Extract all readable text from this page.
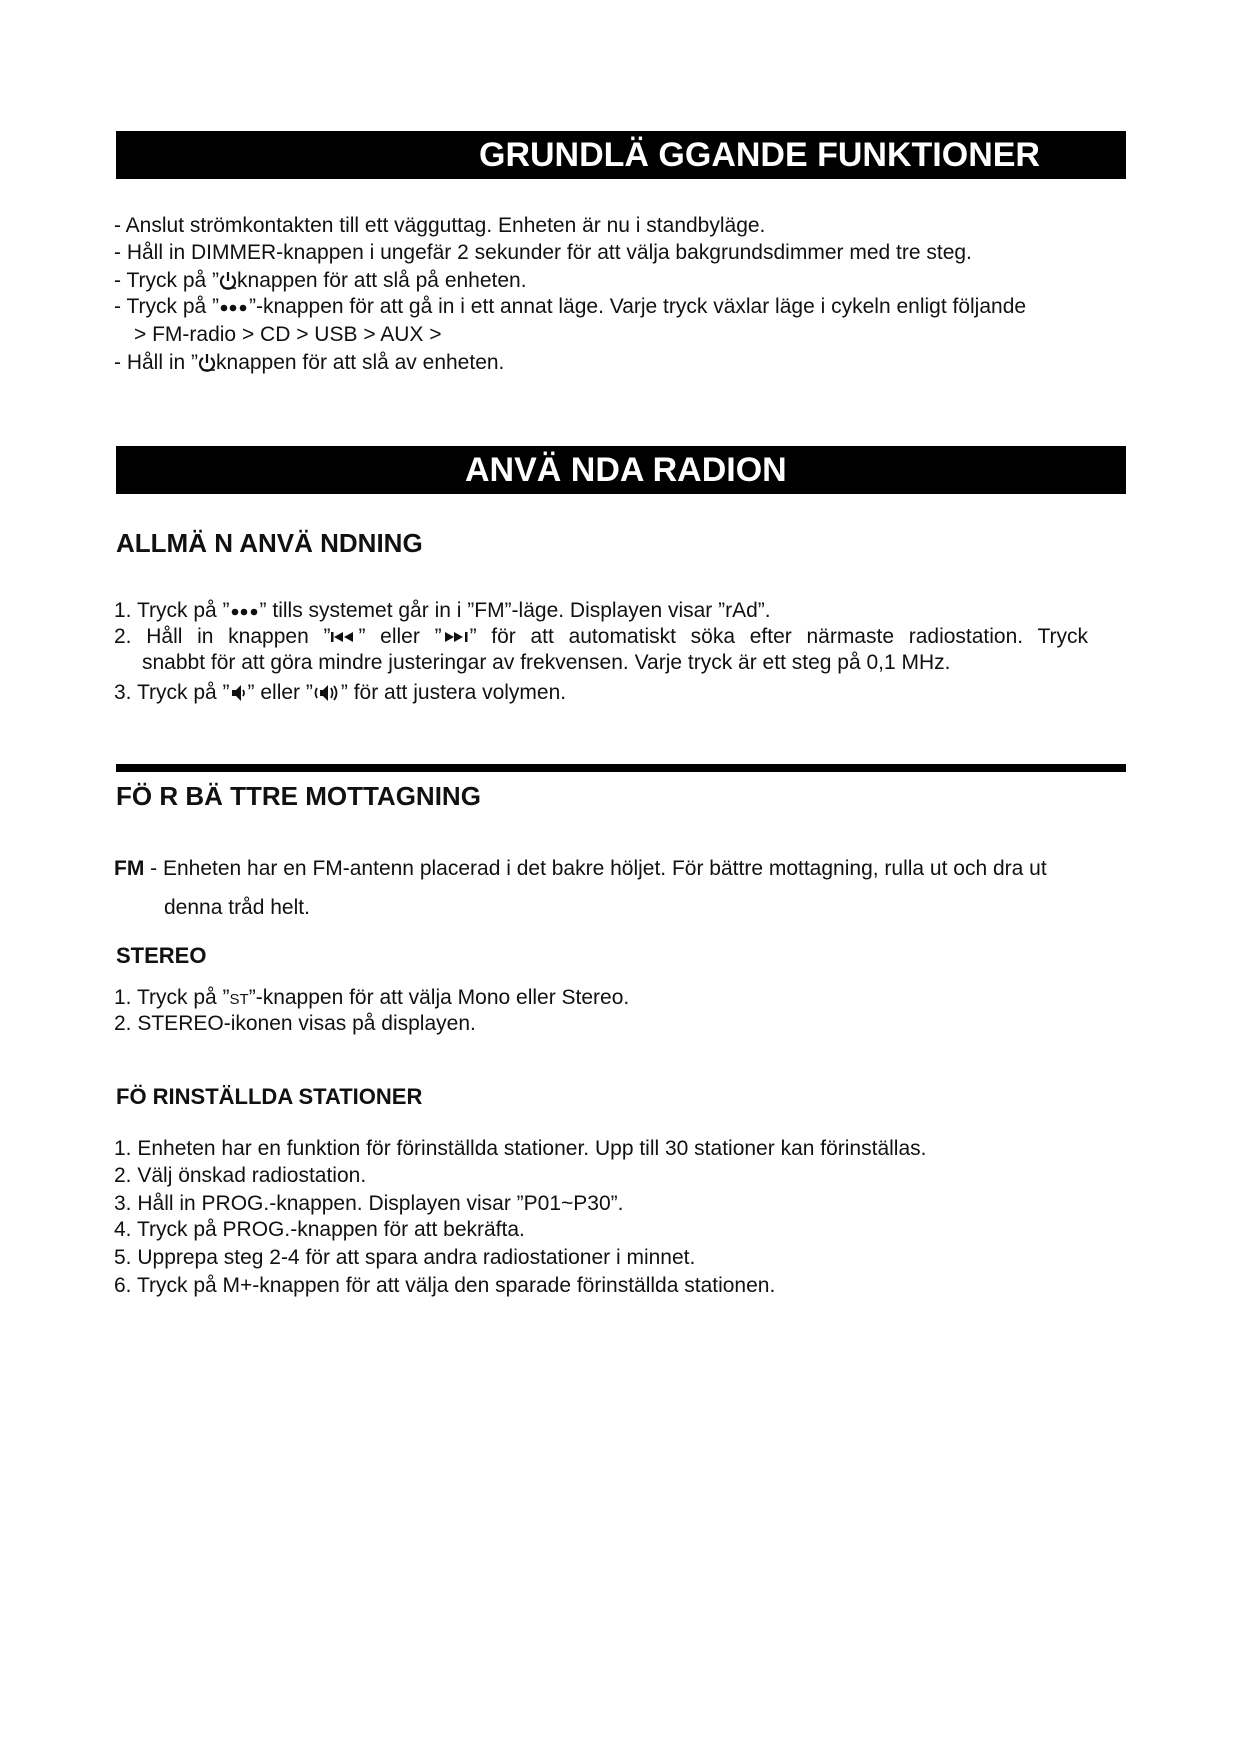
GRUNDLÄ GGANDE FUNKTIONER
- Anslut strömkontakten till ett vägguttag. Enheten är nu i standbyläge.
- Håll in DIMMER-knappen i ungefär 2 sekunder för att välja bakgrundsdimmer med tre steg.
- Tryck på ” knappen för att slå på enheten.
- Tryck på ” ”-knappen för att gå in i ett annat läge. Varje tryck växlar läge i cykeln enligt följande
> FM-radio > CD > USB > AUX >
- Håll in ” knappen för att slå av enheten.
ANVÄ NDA RADION
ALLMÄ N ANVÄ NDNING
1. Tryck på ” ” tills systemet går in i ”FM”-läge. Displayen visar ”rAd”.
2. Håll in knappen ” ” eller ” ” för att automatiskt söka efter närmaste radiostation. Tryck
snabbt för att göra mindre justeringar av frekvensen. Varje tryck är ett steg på 0,1 MHz.
3. Tryck på ” ” eller ” ” för att justera volymen.
FÖ R BÄ TTRE MOTTAGNING
FM - Enheten har en FM-antenn placerad i det bakre höljet. För bättre mottagning, rulla ut och dra ut
denna tråd helt.
STEREO
1. Tryck på ”ST”-knappen för att välja Mono eller Stereo.
2. STEREO-ikonen visas på displayen.
FÖ RINSTÄLLDA STATIONER
1. Enheten har en funktion för förinställda stationer. Upp till 30 stationer kan förinställas.
2. Välj önskad radiostation.
3. Håll in PROG.-knappen. Displayen visar ”P01~P30”.
4. Tryck på PROG.-knappen för att bekräfta.
5. Upprepa steg 2-4 för att spara andra radiostationer i minnet.
6. Tryck på M+-knappen för att välja den sparade förinställda stationen.
